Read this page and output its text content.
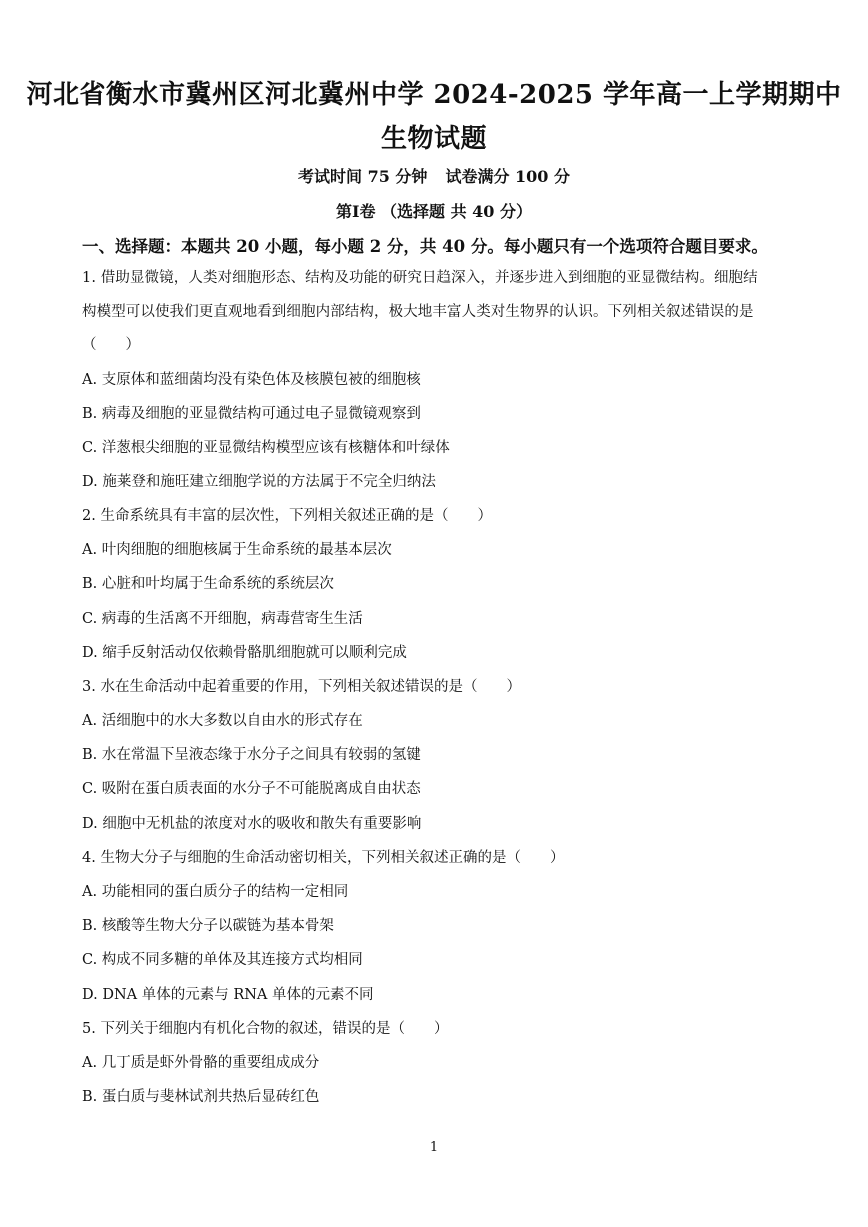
河北省衡水市冀州区河北冀州中学 2024-2025 学年高一上学期期中
生物试题
考试时间 75 分钟 试卷满分 100 分
第Ⅰ卷 （选择题 共 40 分）
一、选择题：本题共 20 小题，每小题 2 分，共 40 分。每小题只有一个选项符合题目要求。
1. 借助显微镜，人类对细胞形态、结构及功能的研究日趋深入，并逐步进入到细胞的亚显微结构。细胞结
构模型可以使我们更直观地看到细胞内部结构，极大地丰富人类对生物界的认识。下列相关叙述错误的是
（　　）
A. 支原体和蓝细菌均没有染色体及核膜包被的细胞核
B. 病毒及细胞的亚显微结构可通过电子显微镜观察到
C. 洋葱根尖细胞的亚显微结构模型应该有核糖体和叶绿体
D. 施莱登和施旺建立细胞学说的方法属于不完全归纳法
2. 生命系统具有丰富的层次性，下列相关叙述正确的是（　　）
A. 叶肉细胞的细胞核属于生命系统的最基本层次
B. 心脏和叶均属于生命系统的系统层次
C. 病毒的生活离不开细胞，病毒营寄生生活
D. 缩手反射活动仅依赖骨骼肌细胞就可以顺利完成
3. 水在生命活动中起着重要的作用，下列相关叙述错误的是（　　）
A. 活细胞中的水大多数以自由水的形式存在
B. 水在常温下呈液态缘于水分子之间具有较弱的氢键
C. 吸附在蛋白质表面的水分子不可能脱离成自由状态
D. 细胞中无机盐的浓度对水的吸收和散失有重要影响
4. 生物大分子与细胞的生命活动密切相关，下列相关叙述正确的是（　　）
A. 功能相同的蛋白质分子的结构一定相同
B. 核酸等生物大分子以碳链为基本骨架
C. 构成不同多糖的单体及其连接方式均相同
D. DNA 单体的元素与 RNA 单体的元素不同
5. 下列关于细胞内有机化合物的叙述，错误的是（　　）
A. 几丁质是虾外骨骼的重要组成成分
B. 蛋白质与斐林试剂共热后显砖红色
1
